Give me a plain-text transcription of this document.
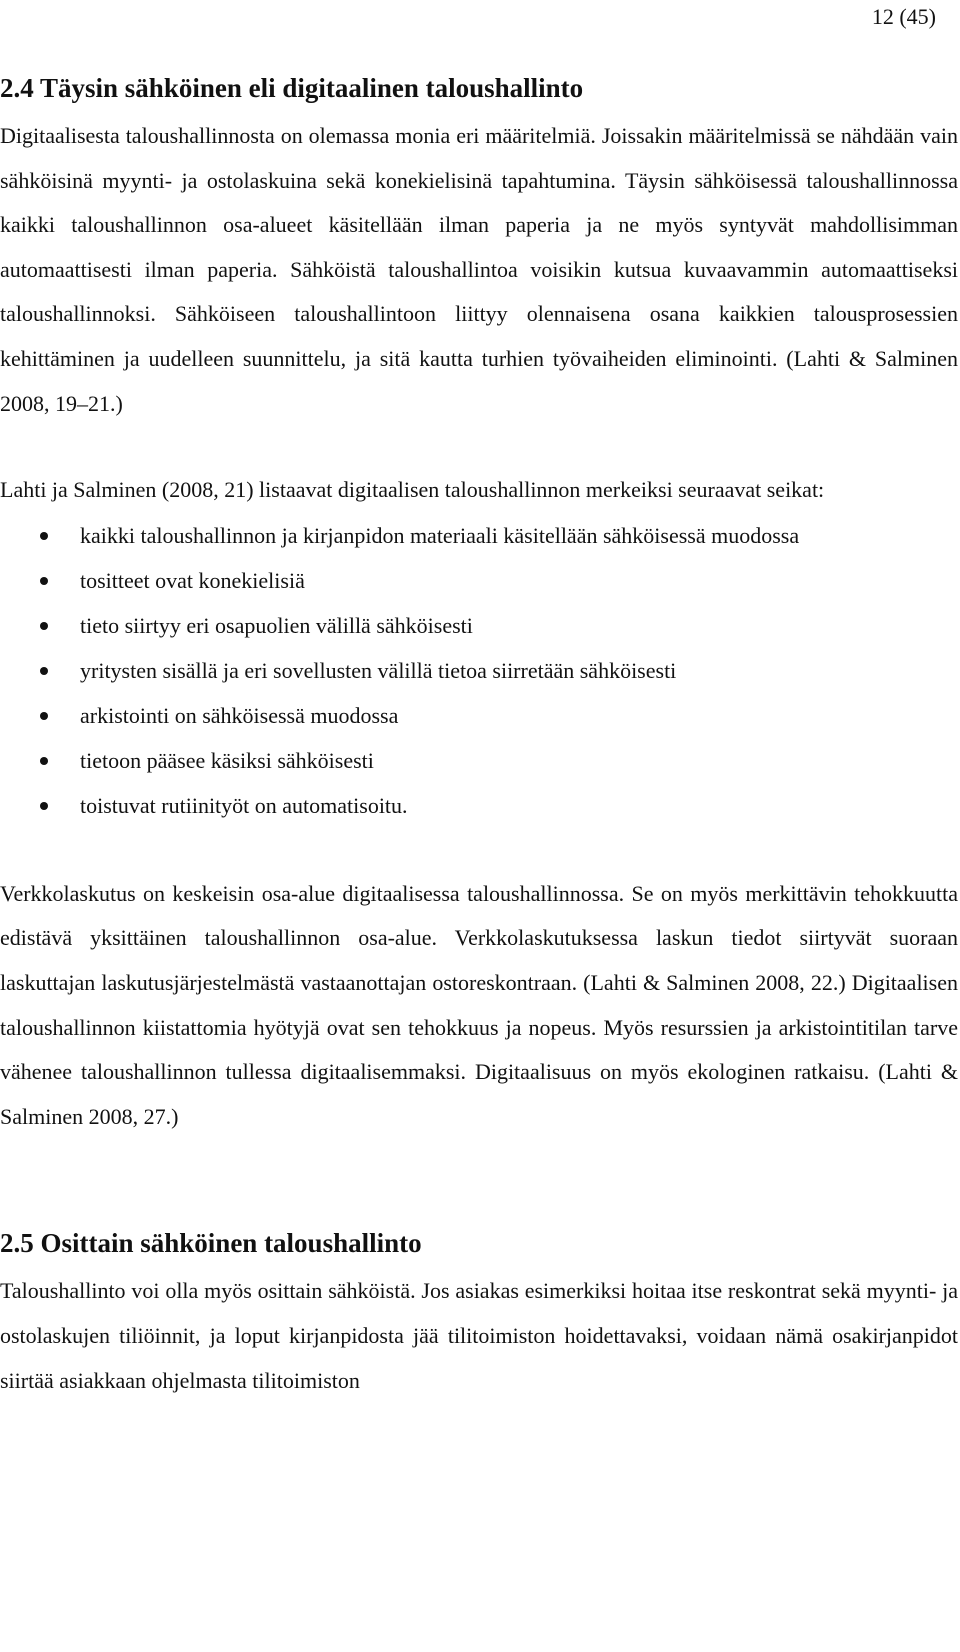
12 (45)
2.4 Täysin sähköinen eli digitaalinen taloushallinto

Digitaalisesta taloushallinnosta on olemassa monia eri määritelmiä. Joissakin määritelmissä se nähdään vain sähköisinä myynti- ja ostolaskuina sekä konekielisinä tapahtumina. Täysin sähköisessä taloushallinnossa kaikki taloushallinnon osa-alueet käsitellään ilman paperia ja ne myös syntyvät mahdollisimman automaattisesti ilman paperia. Sähköistä taloushallintoa voisikin kutsua kuvaavammin automaattiseksi taloushallinnoksi. Sähköiseen taloushallintoon liittyy olennaisena osana kaikkien talousprosessien kehittäminen ja uudelleen suunnittelu, ja sitä kautta turhien työvaiheiden eliminointi. (Lahti & Salminen 2008, 19–21.)

Lahti ja Salminen (2008, 21) listaavat digitaalisen taloushallinnon merkeiksi seuraavat seikat:

kaikki taloushallinnon ja kirjanpidon materiaali käsitellään sähköisessä muodossa
tositteet ovat konekielisiä
tieto siirtyy eri osapuolien välillä sähköisesti
yritysten sisällä ja eri sovellusten välillä tietoa siirretään sähköisesti
arkistointi on sähköisessä muodossa
tietoon pääsee käsiksi sähköisesti
toistuvat rutiinityöt on automatisoitu.

Verkkolaskutus on keskeisin osa-alue digitaalisessa taloushallinnossa. Se on myös merkittävin tehokkuutta edistävä yksittäinen taloushallinnon osa-alue. Verkkolaskutuksessa laskun tiedot siirtyvät suoraan laskuttajan laskutusjärjestelmästä vastaanottajan ostoreskontraan. (Lahti & Salminen 2008, 22.) Digitaalisen taloushallinnon kiistattomia hyötyjä ovat sen tehokkuus ja nopeus. Myös resurssien ja arkistointitilan tarve vähenee taloushallinnon tullessa digitaalisemmaksi. Digitaalisuus on myös ekologinen ratkaisu. (Lahti & Salminen 2008, 27.)

2.5 Osittain sähköinen taloushallinto

Taloushallinto voi olla myös osittain sähköistä. Jos asiakas esimerkiksi hoitaa itse reskontrat sekä myynti- ja ostolaskujen tiliöinnit, ja loput kirjanpidosta jää tilitoimiston hoidettavaksi, voidaan nämä osakirjanpidot siirtää asiakkaan ohjelmasta tilitoimiston
